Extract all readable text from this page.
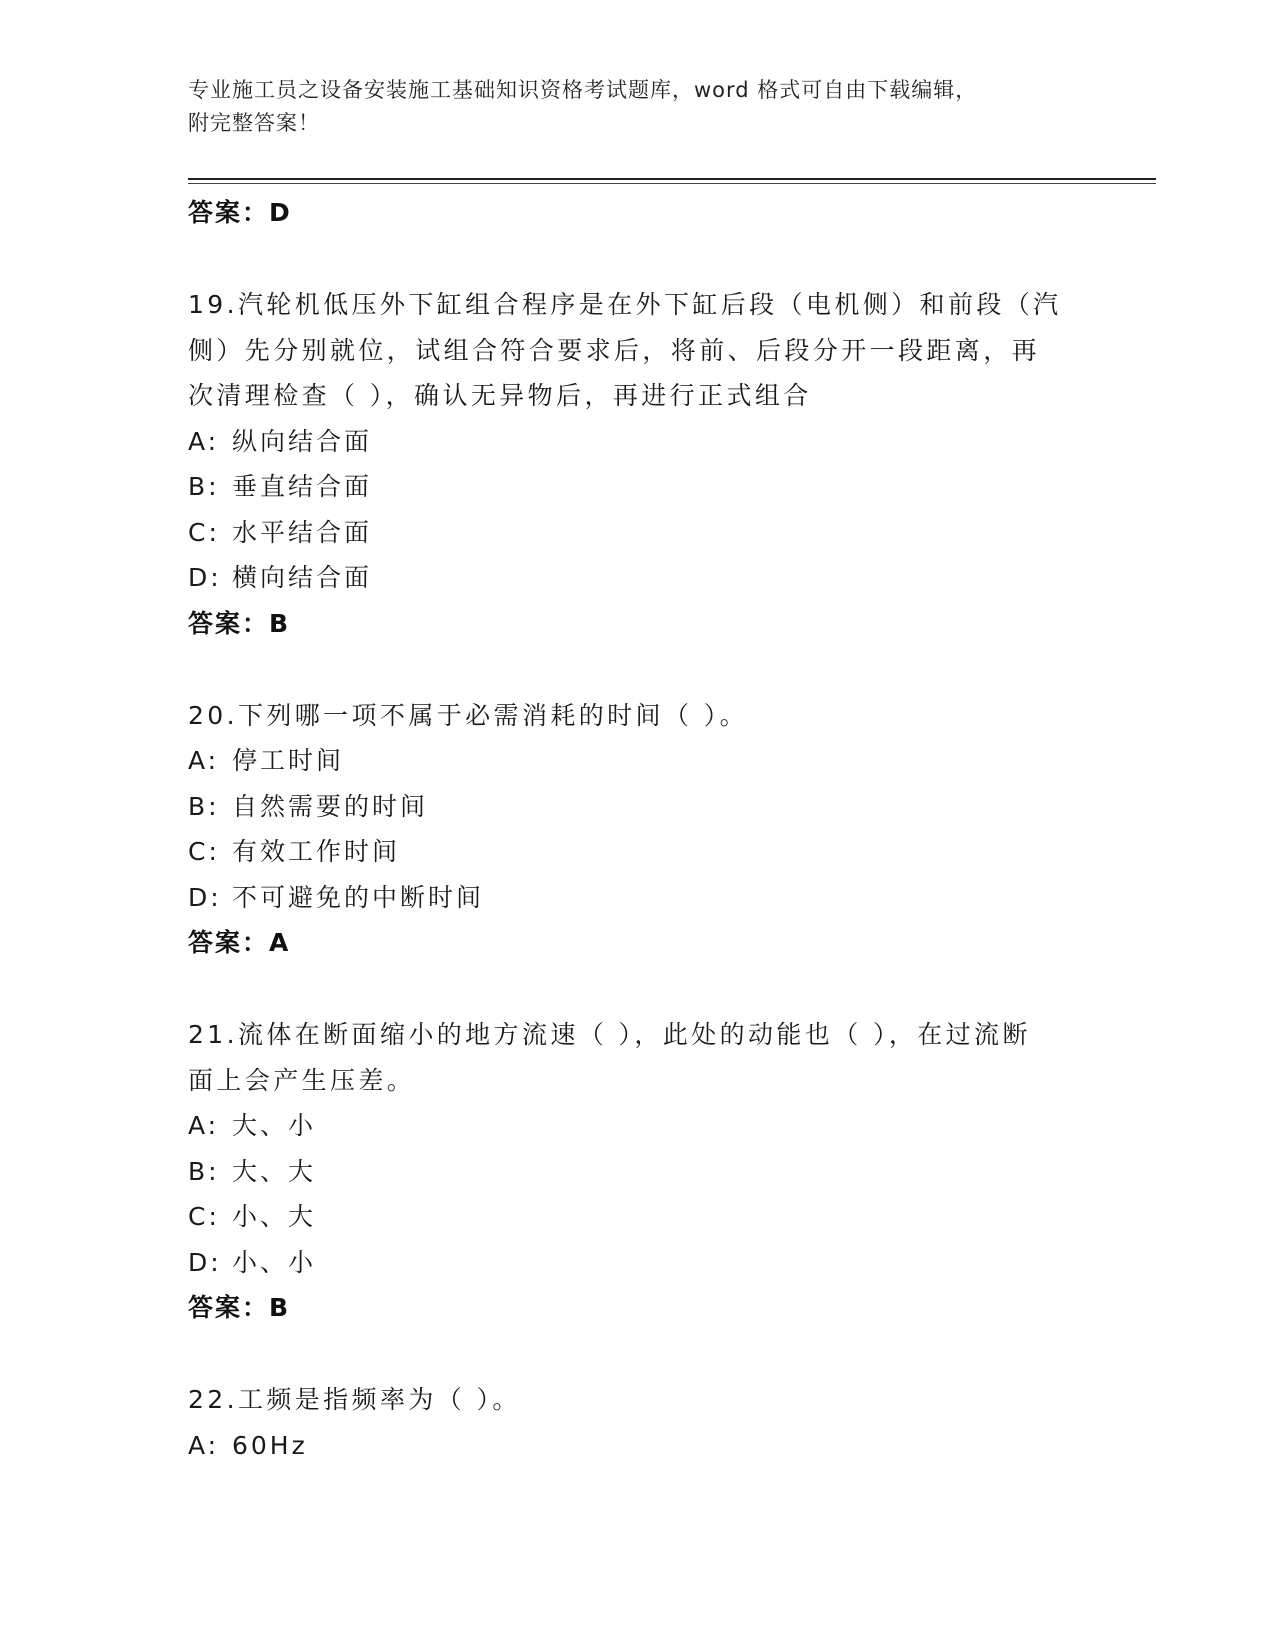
专业施工员之设备安装施工基础知识资格考试题库，word 格式可自由下载编辑，
附完整答案！
答案：D
19.汽轮机低压外下缸组合程序是在外下缸后段（电机侧）和前段（汽
侧）先分别就位，试组合符合要求后，将前、后段分开一段距离，再
次清理检查（ ），确认无异物后，再进行正式组合
A: 纵向结合面
B: 垂直结合面
C: 水平结合面
D: 横向结合面
答案：B
20.下列哪一项不属于必需消耗的时间（ ）。
A: 停工时间
B: 自然需要的时间
C: 有效工作时间
D: 不可避免的中断时间
答案：A
21.流体在断面缩小的地方流速（ ），此处的动能也（ ），在过流断
面上会产生压差。
A: 大、小
B: 大、大
C: 小、大
D: 小、小
答案：B
22.工频是指频率为（ ）。
A: 60Hz
